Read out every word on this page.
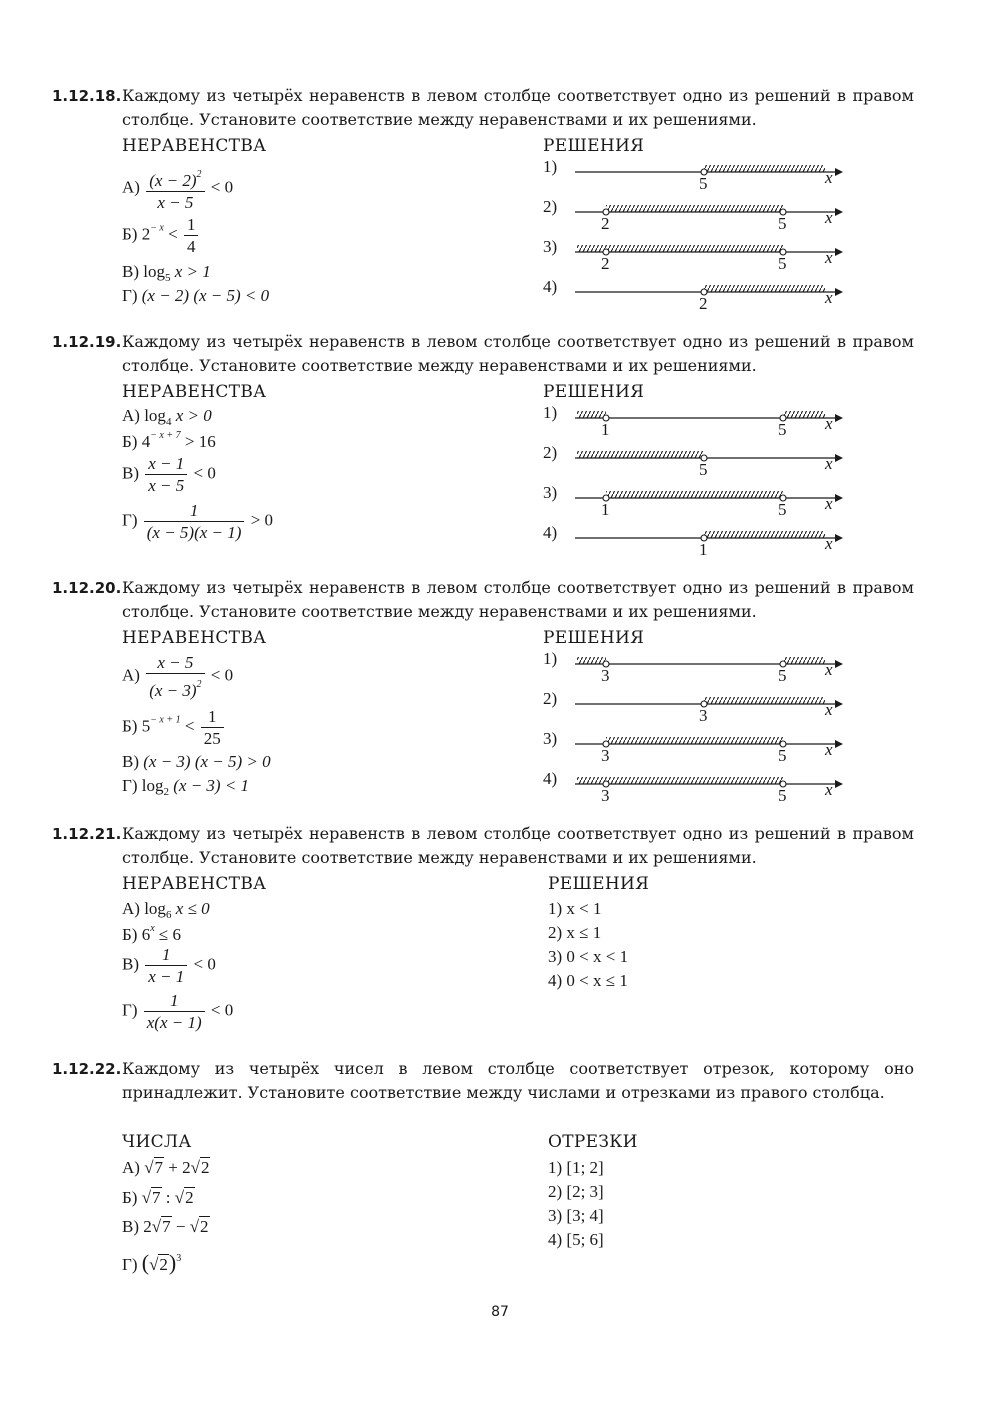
1.12.18. Каждому из четырёх неравенств в левом столбце соответствует одно из решений в правом столбце. Установите соответствие между неравенствами и их решениями.
НЕРАВЕНСТВА	РЕШЕНИЯ
$А) \frac{(x - 2)^2}{x - 5} < 0$
Б) $2^{- x} < \frac{1}{4}$
В) $\log_5 x > 1$
Г) (x − 2) (x − 5) < 0
1)
5	x
2)
2	5 x
3)
2	5 x
4)
2	x
1.12.19. Каждому из четырёх неравенств в левом столбце соответствует одно из решений в правом столбце. Установите соответствие между неравенствами и их решениями.
НЕРАВЕНСТВА	РЕШЕНИЯ
А) $\log_4 x > 0$
Б) $4^{- x + 7} > 16$
$В) \frac{x - 1}{x - 5} < 0$
$Г) \frac{1}{(x - 5)(x - 1)} > 0$
1)
1	5 x
2)
5	x
3)
1	5 x
4)
1	x
1.12.20. Каждому из четырёх неравенств в левом столбце соответствует одно из решений в правом столбце. Установите соответствие между неравенствами и их решениями.
НЕРАВЕНСТВА	РЕШЕНИЯ
$А) \frac{x - 5}{(x - 3)^2} < 0$
Б) $5^{- x + 1} < \frac{1}{25}$
В) (x − 3) (x − 5) > 0
Г) $\log_2 (x - 3) < 1$
1)
3	5 x
2)
3	x
3)
3	5 x
4)
3	5 x
1.12.21. Каждому из четырёх неравенств в левом столбце соответствует одно из решений в правом столбце. Установите соответствие между неравенствами и их решениями.
НЕРАВЕНСТВА	РЕШЕНИЯ
А) $\log_6 x \le 0$
Б) $6^x \le 6$
$В) \frac{1}{x - 1} < 0$
$Г) \frac{1}{x(x - 1)} < 0$
1) x < 1
2) x ≤ 1
3) 0 < x < 1
4) 0 < x ≤ 1
1.12.22. Каждому из четырёх чисел в левом столбце соответствует отрезок, которому оно принадлежит. Установите соответствие между числами и отрезками из правого столбца.
ЧИСЛА	ОТРЕЗКИ
А) √7 + 2√2
Б) √7 : √2
В) 2√7 − √2
Г) $(√2)^3$
1) [1; 2]
2) [2; 3]
3) [3; 4]
4) [5; 6]
87
